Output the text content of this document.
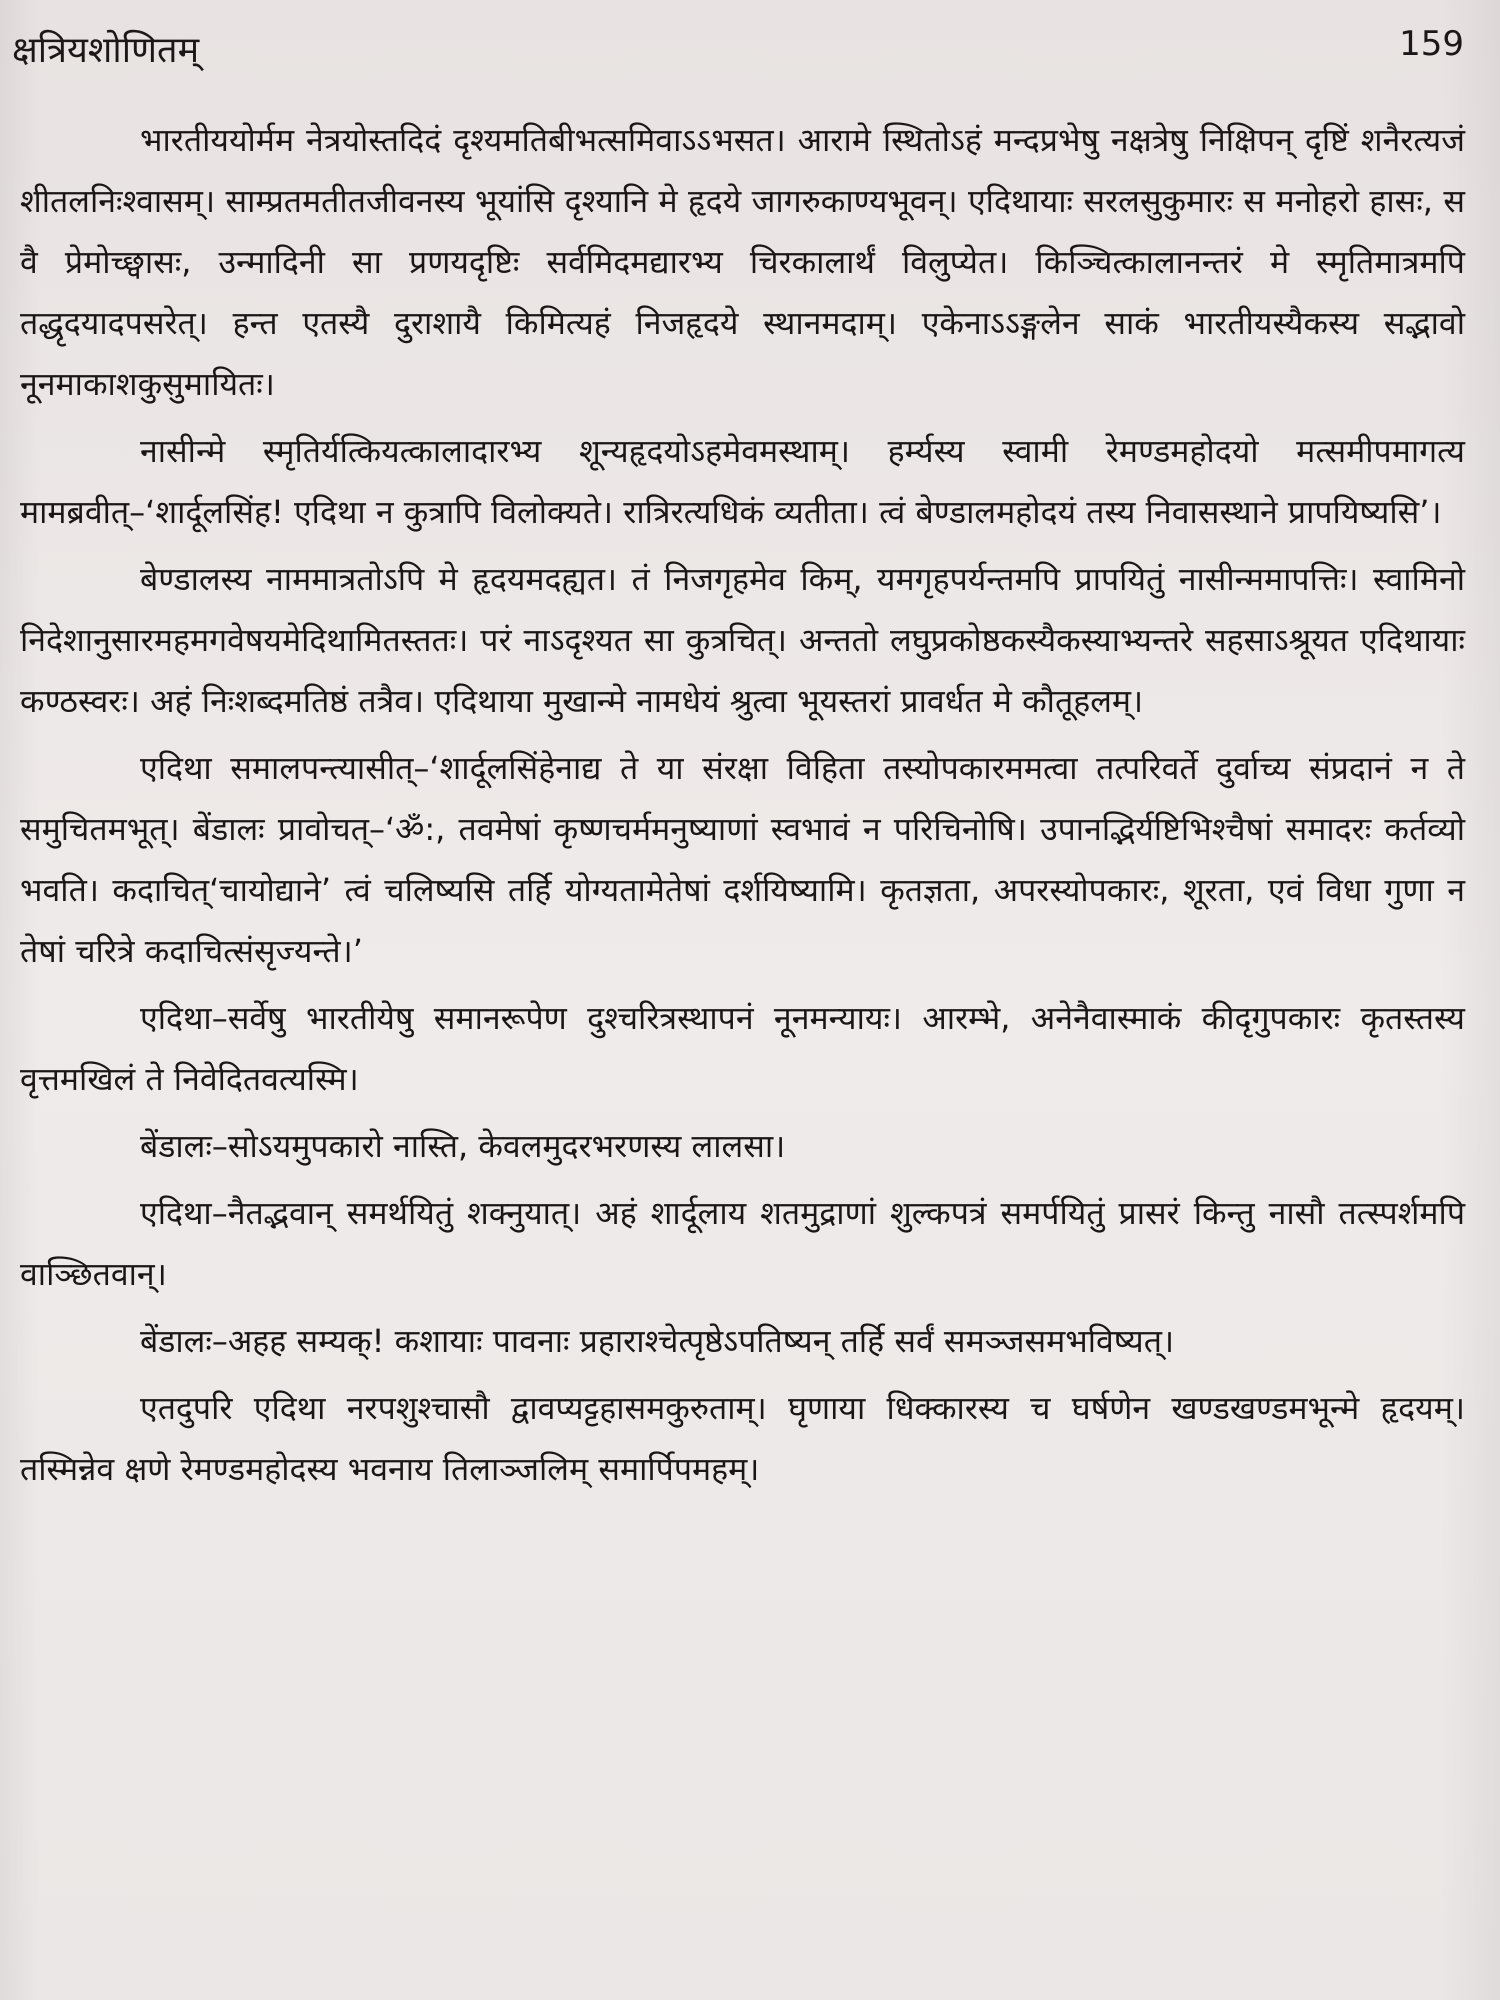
क्षत्रियशोणितम्	159

भारतीययोर्मम नेत्रयोस्तदिदं दृश्यमतिबीभत्समिवाऽऽभसत। आरामे स्थितोऽहं मन्दप्रभेषु नक्षत्रेषु निक्षिपन् दृष्टिं शनैरत्यजं शीतलनिःश्वासम्। साम्प्रतमतीतजीवनस्य भूयांसि दृश्यानि मे हृदये जागरुकाण्यभूवन्। एदिथायाः सरलसुकुमारः स मनोहरो हासः, स वै प्रेमोच्छ्वासः, उन्मादिनी सा प्रणयदृष्टिः सर्वमिदमद्यारभ्य चिरकालार्थं विलुप्येत। किञ्चित्कालानन्तरं मे स्मृतिमात्रमपि तद्धृदयादपसरेत्। हन्त एतस्यै दुराशायै किमित्यहं निजहृदये स्थानमदाम्। एकेनाऽऽङ्गलेन साकं भारतीयस्यैकस्य सद्भावो नूनमाकाशकुसुमायितः।

नासीन्मे स्मृतिर्यत्कियत्कालादारभ्य शून्यहृदयोऽहमेवमस्थाम्। हर्म्यस्य स्वामी रेमण्डमहोदयो मत्समीपमागत्य मामब्रवीत्–‘शार्दूलसिंह! एदिथा न कुत्रापि विलोक्यते। रात्रिरत्यधिकं व्यतीता। त्वं बेण्डालमहोदयं तस्य निवासस्थाने प्रापयिष्यसि’।

बेण्डालस्य नाममात्रतोऽपि मे हृदयमदह्यत। तं निजगृहमेव किम्, यमगृहपर्यन्तमपि प्रापयितुं नासीन्ममापत्तिः। स्वामिनो निदेशानुसारमहमगवेषयमेदिथामितस्ततः। परं नाऽदृश्यत सा कुत्रचित्। अन्ततो लघुप्रकोष्ठकस्यैकस्याभ्यन्तरे सहसाऽश्रूयत एदिथायाः कण्ठस्वरः। अहं निःशब्दमतिष्ठं तत्रैव। एदिथाया मुखान्मे नामधेयं श्रुत्वा भूयस्तरां प्रावर्धत मे कौतूहलम्।

एदिथा समालपन्त्यासीत्–‘शार्दूलसिंहेनाद्य ते या संरक्षा विहिता तस्योपकारममत्वा तत्परिवर्ते दुर्वाच्य संप्रदानं न ते समुचितमभूत्। बेंडालः प्रावोचत्–‘ॐ:, तवमेषां कृष्णचर्ममनुष्याणां स्वभावं न परिचिनोषि। उपानद्भिर्यष्टिभिश्चैषां समादरः कर्तव्यो भवति। कदाचित्‘चायोद्याने’ त्वं चलिष्यसि तर्हि योग्यतामेतेषां दर्शयिष्यामि। कृतज्ञता, अपरस्योपकारः, शूरता, एवं विधा गुणा न तेषां चरित्रे कदाचित्संसृज्यन्ते।’

एदिथा–सर्वेषु भारतीयेषु समानरूपेण दुश्चरित्रस्थापनं नूनमन्यायः। आरम्भे, अनेनैवास्माकं कीदृगुपकारः कृतस्तस्य वृत्तमखिलं ते निवेदितवत्यस्मि।

बेंडालः–सोऽयमुपकारो नास्ति, केवलमुदरभरणस्य लालसा।

एदिथा–नैतद्भवान् समर्थयितुं शक्नुयात्। अहं शार्दूलाय शतमुद्राणां शुल्कपत्रं समर्पयितुं प्रासरं किन्तु नासौ तत्स्पर्शमपि वाञ्छितवान्।

बेंडालः–अहह सम्यक्! कशायाः पावनाः प्रहाराश्चेत्पृष्ठेऽपतिष्यन् तर्हि सर्वं समञ्जसमभविष्यत्।

एतदुपरि एदिथा नरपशुश्चासौ द्वावप्यट्टहासमकुरुताम्। घृणाया धिक्कारस्य च घर्षणेन खण्डखण्डमभून्मे हृदयम्। तस्मिन्नेव क्षणे रेमण्डमहोदस्य भवनाय तिलाञ्जलिम् समार्पिपमहम्।
